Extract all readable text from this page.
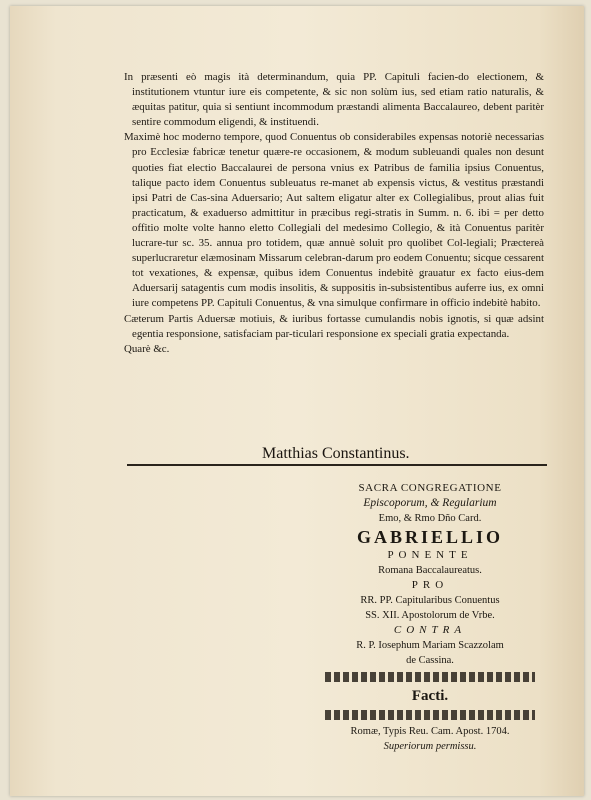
In præsenti eò magis ità determinandum, quia PP. Capituli facien-do electionem, & institutionem vtuntur iure eis competente, & sic non solùm ius, sed etiam ratio naturalis, & æquitas patitur, quia si sentiunt incommodum præstandi alimenta Baccalaureo, debent paritèr sentire commodum eligendi, & instituendi.

Maximè hoc moderno tempore, quod Conuentus ob considerabiles expensas notoriè necessarias pro Ecclesiæ fabricæ tenetur quære-re occasionem, & modum subleuandi quales non desunt quoties fiat electio Baccalaurei de persona vnius ex Patribus de familia ipsius Conuentus, talique pacto idem Conuentus subleuatus re-manet ab expensis victus, & vestitus præstandi ipsi Patri de Cas-sina Aduersario; Aut saltem eligatur alter ex Collegialibus, prout alias fuit practicatum, & exaduerso admittitur in præcibus regi-stratis in Summ. n. 6. ibi = per detto offitio molte volte hanno eletto Collegiali del medesimo Collegio, & ità Conuentus paritèr lucrare-tur sc. 35. annua pro totidem, quæ annuè soluit pro quolibet Col-legiali; Præctereà superlucraretur elæmosinam Missarum celebran-darum pro eodem Conuentu; sicque cessarent tot vexationes, & expensæ, quibus idem Conuentus indebitè grauatur ex facto eius-dem Aduersarij satagentis cum modis insolitis, & suppositis in-subsistentibus auferre ius, ex omni iure competens PP. Capituli Conuentus, & vna simulque confirmare in officio indebitè habito.

Cæterum Partis Aduersæ motiuis, & iuribus fortasse cumulandis nobis ignotis, si quæ adsint egentia responsione, satisfaciam par-ticulari responsione ex speciali gratia expectanda.

Quarè &c.

Matthias Constantinus.
SACRA CONGREGATIONE
Episcoporum, & Regularium
Emo, & Rmo Dño Card.
GABRIELLIO
PONENTE
Romana Baccalaureatus.
PRO
RR. PP. Capitularibus Conuentus
SS. XII. Apostolorum de Vrbe.
CONTRA
R. P. Iosephum Mariam Scazzolam
de Cassina.
Facti.
Romæ, Typis Reu. Cam. Apost. 1704.
Superiorum permissu.
